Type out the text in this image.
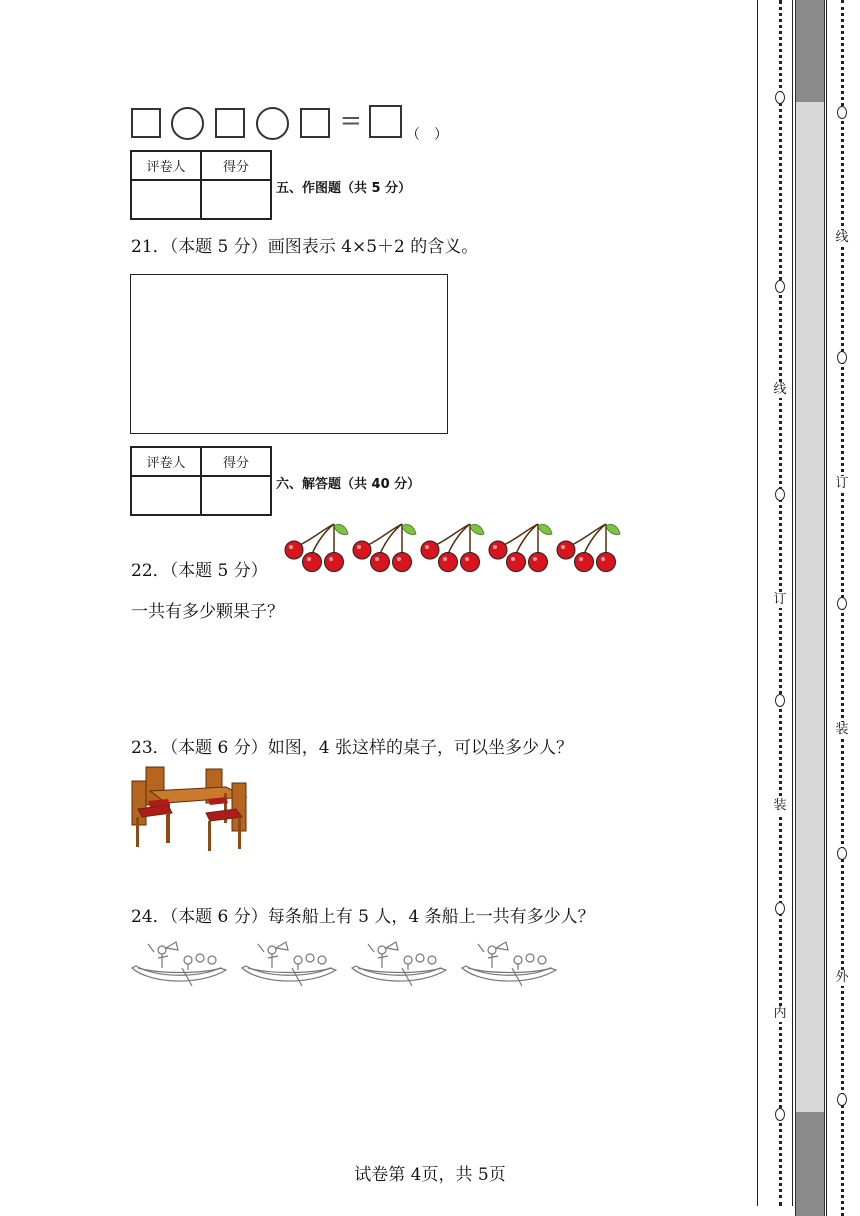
=	（　）
评卷人	得分

五、作图题（共 5 分）
21．（本题 5 分）画图表示 4×5＋2 的含义。
评卷人	得分

六、解答题（共 40 分）
22．（本题 5 分）
一共有多少颗果子？
23．（本题 6 分）如图，4 张这样的桌子，可以坐多少人？
24．（本题 6 分）每条船上有 5 人，4 条船上一共有多少人？
试卷第 4页，共 5页
线
订
装
内
线
订
装
外
